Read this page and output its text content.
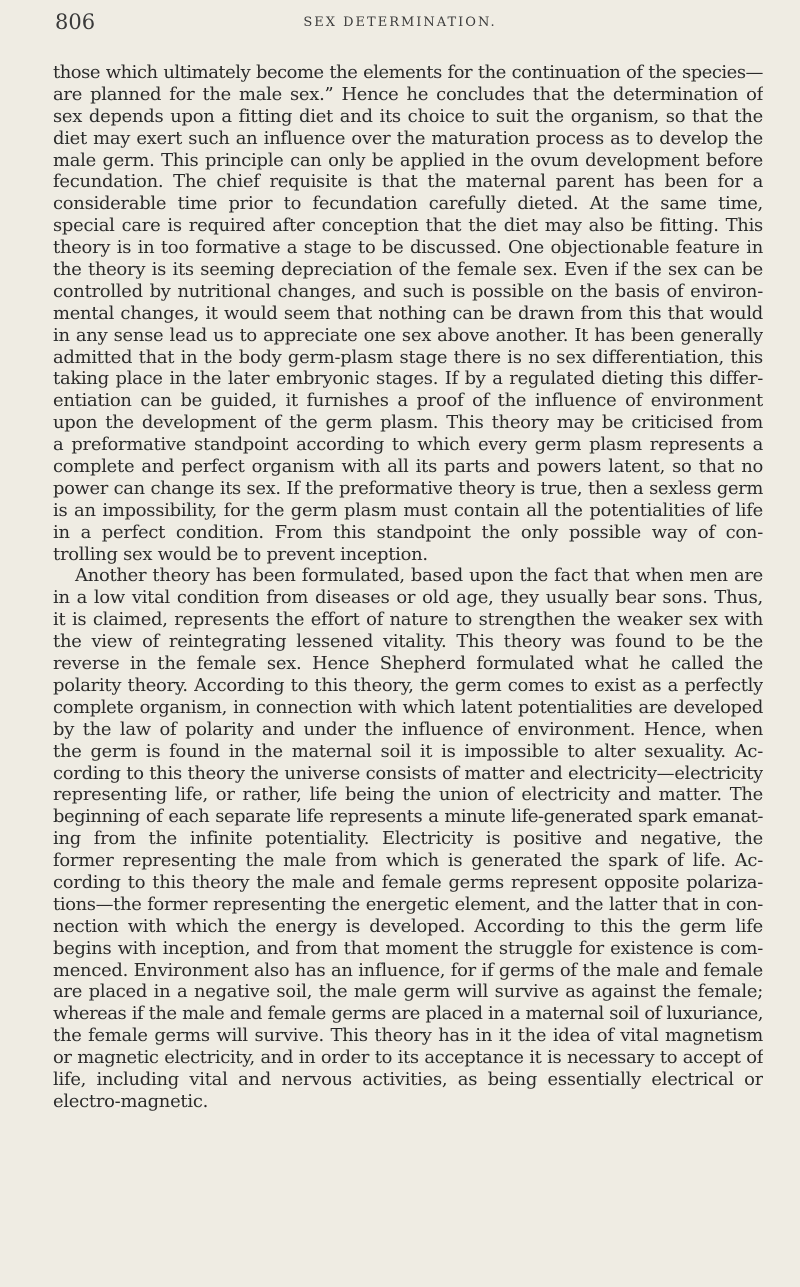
806	SEX DETERMINATION.
those which ultimately become the elements for the continuation of the species—
are planned for the male sex.” Hence he concludes that the determination of
sex depends upon a fitting diet and its choice to suit the organism, so that the
diet may exert such an influence over the maturation process as to develop the
male germ. This principle can only be applied in the ovum development before
fecundation. The chief requisite is that the maternal parent has been for a
considerable time prior to fecundation carefully dieted. At the same time,
special care is required after conception that the diet may also be fitting. This
theory is in too formative a stage to be discussed. One objectionable feature in
the theory is its seeming depreciation of the female sex. Even if the sex can be
controlled by nutritional changes, and such is possible on the basis of environ-
mental changes, it would seem that nothing can be drawn from this that would
in any sense lead us to appreciate one sex above another. It has been generally
admitted that in the body germ-plasm stage there is no sex differentiation, this
taking place in the later embryonic stages. If by a regulated dieting this differ-
entiation can be guided, it furnishes a proof of the influence of environment
upon the development of the germ plasm. This theory may be criticised from
a preformative standpoint according to which every germ plasm represents a
complete and perfect organism with all its parts and powers latent, so that no
power can change its sex. If the preformative theory is true, then a sexless germ
is an impossibility, for the germ plasm must contain all the potentialities of life
in a perfect condition. From this standpoint the only possible way of con-
trolling sex would be to prevent inception.
Another theory has been formulated, based upon the fact that when men are
in a low vital condition from diseases or old age, they usually bear sons. Thus,
it is claimed, represents the effort of nature to strengthen the weaker sex with
the view of reintegrating lessened vitality. This theory was found to be the
reverse in the female sex. Hence Shepherd formulated what he called the
polarity theory. According to this theory, the germ comes to exist as a perfectly
complete organism, in connection with which latent potentialities are developed
by the law of polarity and under the influence of environment. Hence, when
the germ is found in the maternal soil it is impossible to alter sexuality. Ac-
cording to this theory the universe consists of matter and electricity—electricity
representing life, or rather, life being the union of electricity and matter. The
beginning of each separate life represents a minute life-generated spark emanat-
ing from the infinite potentiality. Electricity is positive and negative, the
former representing the male from which is generated the spark of life. Ac-
cording to this theory the male and female germs represent opposite polariza-
tions—the former representing the energetic element, and the latter that in con-
nection with which the energy is developed. According to this the germ life
begins with inception, and from that moment the struggle for existence is com-
menced. Environment also has an influence, for if germs of the male and female
are placed in a negative soil, the male germ will survive as against the female;
whereas if the male and female germs are placed in a maternal soil of luxuriance,
the female germs will survive. This theory has in it the idea of vital magnetism
or magnetic electricity, and in order to its acceptance it is necessary to accept of
life, including vital and nervous activities, as being essentially electrical or
electro-magnetic.
